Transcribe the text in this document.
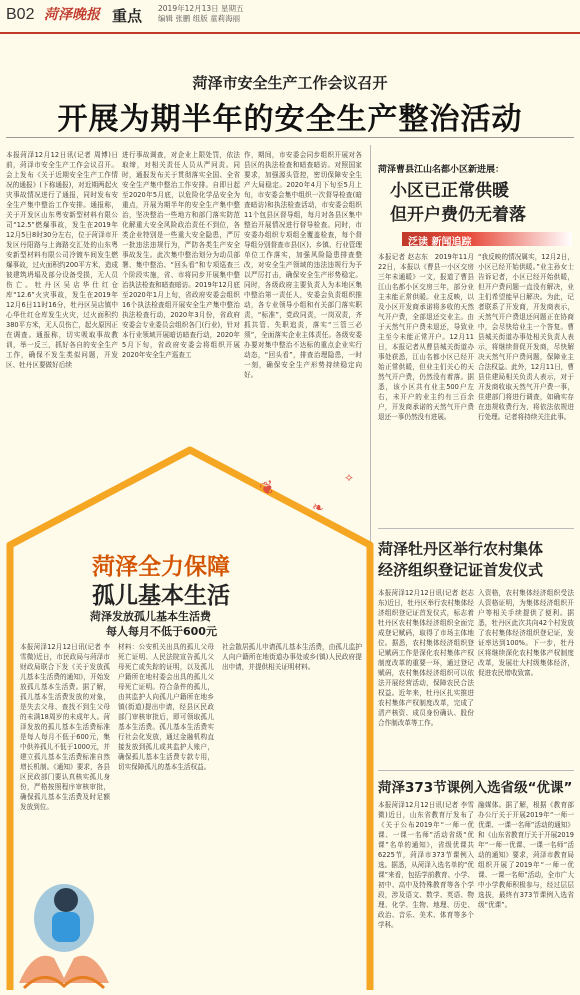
B02 菏泽晚报 重点 2019年12月13日 星期五
编辑 张鹏 组版 童莉海丽
菏泽市安全生产工作会议召开
开展为期半年的安全生产整治活动
本报菏泽12月12日讯(记者 周博)日前，菏泽市安全生产工作会议召开。会上发布《关于近期安全生产工作情况的通报》(下称通报)，对近期两起火灾事故情况进行了通报，同时发布安全生产集中整治工作安排。通报称，关于开发区山东粤安新型材料有限公司“12.5”燃爆事故，发生在2019年12月5日8时30分左右，位于菏泽市开发区丹阳路与上海路交汇处的山东粤安新型材料有限公司冷镀车间发生燃爆事故，过火面积约200平方米，造成彼建筑坍塌及部分设备受损，无人员伤亡。牡丹区吴店华仕红仓库“12.6”火灾事故，发生在2019年12月6日11时16分，牡丹区吴店镇中心华仕红仓库发生火灾，过火面积约380平方米，无人员伤亡，起火原因正在调查。通报称，切实吸取事故教训，举一反三，抓好各自的安全生产工作，确保不发生类似问题，开发区、牡丹区要做好后续
进行事故调查，对企业上限处罚，依法取缔，对相关责任人员从严问责。同时，通报发布关于贯彻落实全国、全省安全生产集中整治工作安排。自即日起至2020年5月底，以危险化学品安全为重点，开展为期半年的安全生产集中整治，坚决整治一些地方和部门落实防范化解重大安全风险政治责任不到位，各类企业特别是一些重大安全隐患，严厉一批违法违规行为，严防各类生产安全事故发生。此次集中整治划分为动员部署、集中整治、“回头看”和专项巡查三个阶段实施，省、市将同步开展集中整治执法检查和暗查暗访。2019年12月底至2020年1月上旬，省政府安委会组织16个执法检查组开展安全生产集中整治执法检查行动，2020年3月份，省政府安委会专业委员会组织各门(行业)，针对本行业领域开展暗访暗查行动，2020年5月下旬，省政府安委会将组织开展2020年安全生产巡查工
作，期间，市安委会同步组织开展对各县区的执法检查和暗查暗访。对照国家要求，加强源头管控，密切保障安全生产大局稳定。2020年4月下旬至5月上旬，市安委会集中组织一次督导检查(暗查暗访)和执法检查活动，市安委会组织11个包县区督导组，每月对各县区集中整治开展情况进行督导检查。同时，市安委办组织专项组全覆盖检查，每个督导组分别督查市县(区)、乡镇、行业管理单位工作落实，加强风险隐患排查整改，对安全生产领域的违法违规行为予以严厉打击，确保安全生产形势稳定。同时，各级政府主要负责人为本地区集中整治第一责任人，安委会负责组织推动，各专业领导小组和有关部门落实职责，“标准”，党政同责，一岗双责，齐抓共管、失职追责，落实“三管三必须”，全面落实企业主体责任。各级安委办要对集中整治不达标的重点企业实行动态，“回头看”，排查治理隐患，一时一刻，确保安全生产形势持续稳定向好。
菏泽曹县江山名都小区新进展：
小区已正常供暖
但开户费仍无着落
泛读 新闻追踪
本报记者 赵志东　2019年11月22日，本报以《曹县一小区交房三年未通暖》一文，报道了曹县江山名都小区交房三年，部分业主未能正常供暖。业主反映，以及小区开发商承诺将多收的天然气开户费，全部退还交业主。由于天然气开户费未退还，导致业主至今未能正常开户。12月11日，本报记者从曹县城关街道办事处获悉，江山名都小区已经开始正常供暖，但业主们关心的天然气开户费，仍然没有着落。据悉，该小区共有业主500户左右，未开户的业主约有三百余户，开发商承诺的天然气开户费退还一事仍然没有进展。
“我反映的情况属实，12月2日，小区已经开始供暖。”业主孙女士告诉记者，小区已经开始供暖，但开户费问题一直没有解决，业主们希望能早日解决。为此，记者联系了开发商，开发商表示，天然气开户费退还问题正在协商中，会尽快给业主一个答复。曹县城关街道办事处相关负责人表示，将继续督促开发商，尽快解决天然气开户费问题，保障业主合法权益。此外，12月11日，曹县住建局相关负责人表示，对于开发商收取天然气开户费一事，住建部门将进行调查，如确实存在违规收费行为，将依法依规进行处理。记者将持续关注此事。
菏泽牡丹区举行农村集体
经济组织登记证首发仪式
本报菏泽12月12日讯(记者 赵志东)近日，牡丹区举行农村集体经济组织登记证首发仪式，标志着牡丹区农村集体经济组织全面完成登记赋码，取得了市场主体地位。据悉，农村集体经济组织登记赋码工作是深化农村集体产权制度改革的重要一环，通过登记赋码，农村集体经济组织可以依法开展经营活动，保障农民合法权益。近年来，牡丹区扎实推进农村集体产权制度改革，完成了清产核资、成员身份确认、股份合作制改革等工作。
入资格，农村集体经济组织受法人资格证明，为集体经济组织开户等相关手续提供了便利。据悉，牡丹区此次共向42个村发放了农村集体经济组织登记证，发证率达到100%。下一步，牡丹区将继续深化农村集体产权制度改革，发展壮大村级集体经济，促进农民增收致富。
菏泽373节课例入选省级“优课”
本报菏泽12月12日讯(记者 李雪微)近日，山东省教育厅发布了《关于公布2019年“一师一优课、一课一名师”活动省级“优课”名单的通知》，省级优课共6225节，菏泽市373节课例入选。据悉，从菏泽入选名单的“优课”来看，包括学前教育、小学、初中、高中及特殊教育等各个学段，涉及语文、数学、英语、物理、化学、生物、地理、历史、政治、音乐、美术、体育等多个学科。
融媒体。据了解，根据《教育部办公厅关于开展2019年“一师一优课、一课一名师”活动的通知》和《山东省教育厅关于开展2019年“一师一优课、一课一名师”活动的通知》要求，菏泽市教育局组织开展了2019年“一师一优课、一课一名师”活动，全市广大中小学教师积极参与，经过层层选拔，最终有373节课例入选省级“优课”。
❦
❧
⟡
菏泽全力保障
孤儿基本生活
菏泽发放孤儿基本生活费
每人每月不低于600元
本报菏泽12月12日讯(记者 李雪微)近日，市民政局与菏泽市财政局联合下发《关于发放孤儿基本生活费的通知》，开始发放孤儿基本生活费。据了解，孤儿基本生活费发放的对象，是失去父母、查找不到生父母的未满18周岁的未成年人。菏泽发放的孤儿基本生活费标准是每人每月不低于600元，集中供养孤儿不低于1000元，并建立孤儿基本生活费标准自然增长机制。《通知》要求，各县区民政部门要认真核实孤儿身份，严格按照程序审核审批，确保孤儿基本生活费及时足额发放到位。
材料：公安机关出具的孤儿父母死亡证明、人民法院宣告孤儿父母死亡或失踪的证明，以及孤儿户籍所在地村委会出具的孤儿父母死亡证明。符合条件的孤儿，由其监护人向孤儿户籍所在地乡镇(街道)提出申请，经县区民政部门审核审批后，即可领取孤儿基本生活费。孤儿基本生活费实行社会化发放，通过金融机构直接发放到孤儿或其监护人账户，确保孤儿基本生活费专款专用，切实保障孤儿的基本生活权益。
社会散居孤儿申请孤儿基本生活费，由孤儿监护人向户籍所在地街道办事处或乡(镇)人民政府提出申请，并提供相关证明材料。
